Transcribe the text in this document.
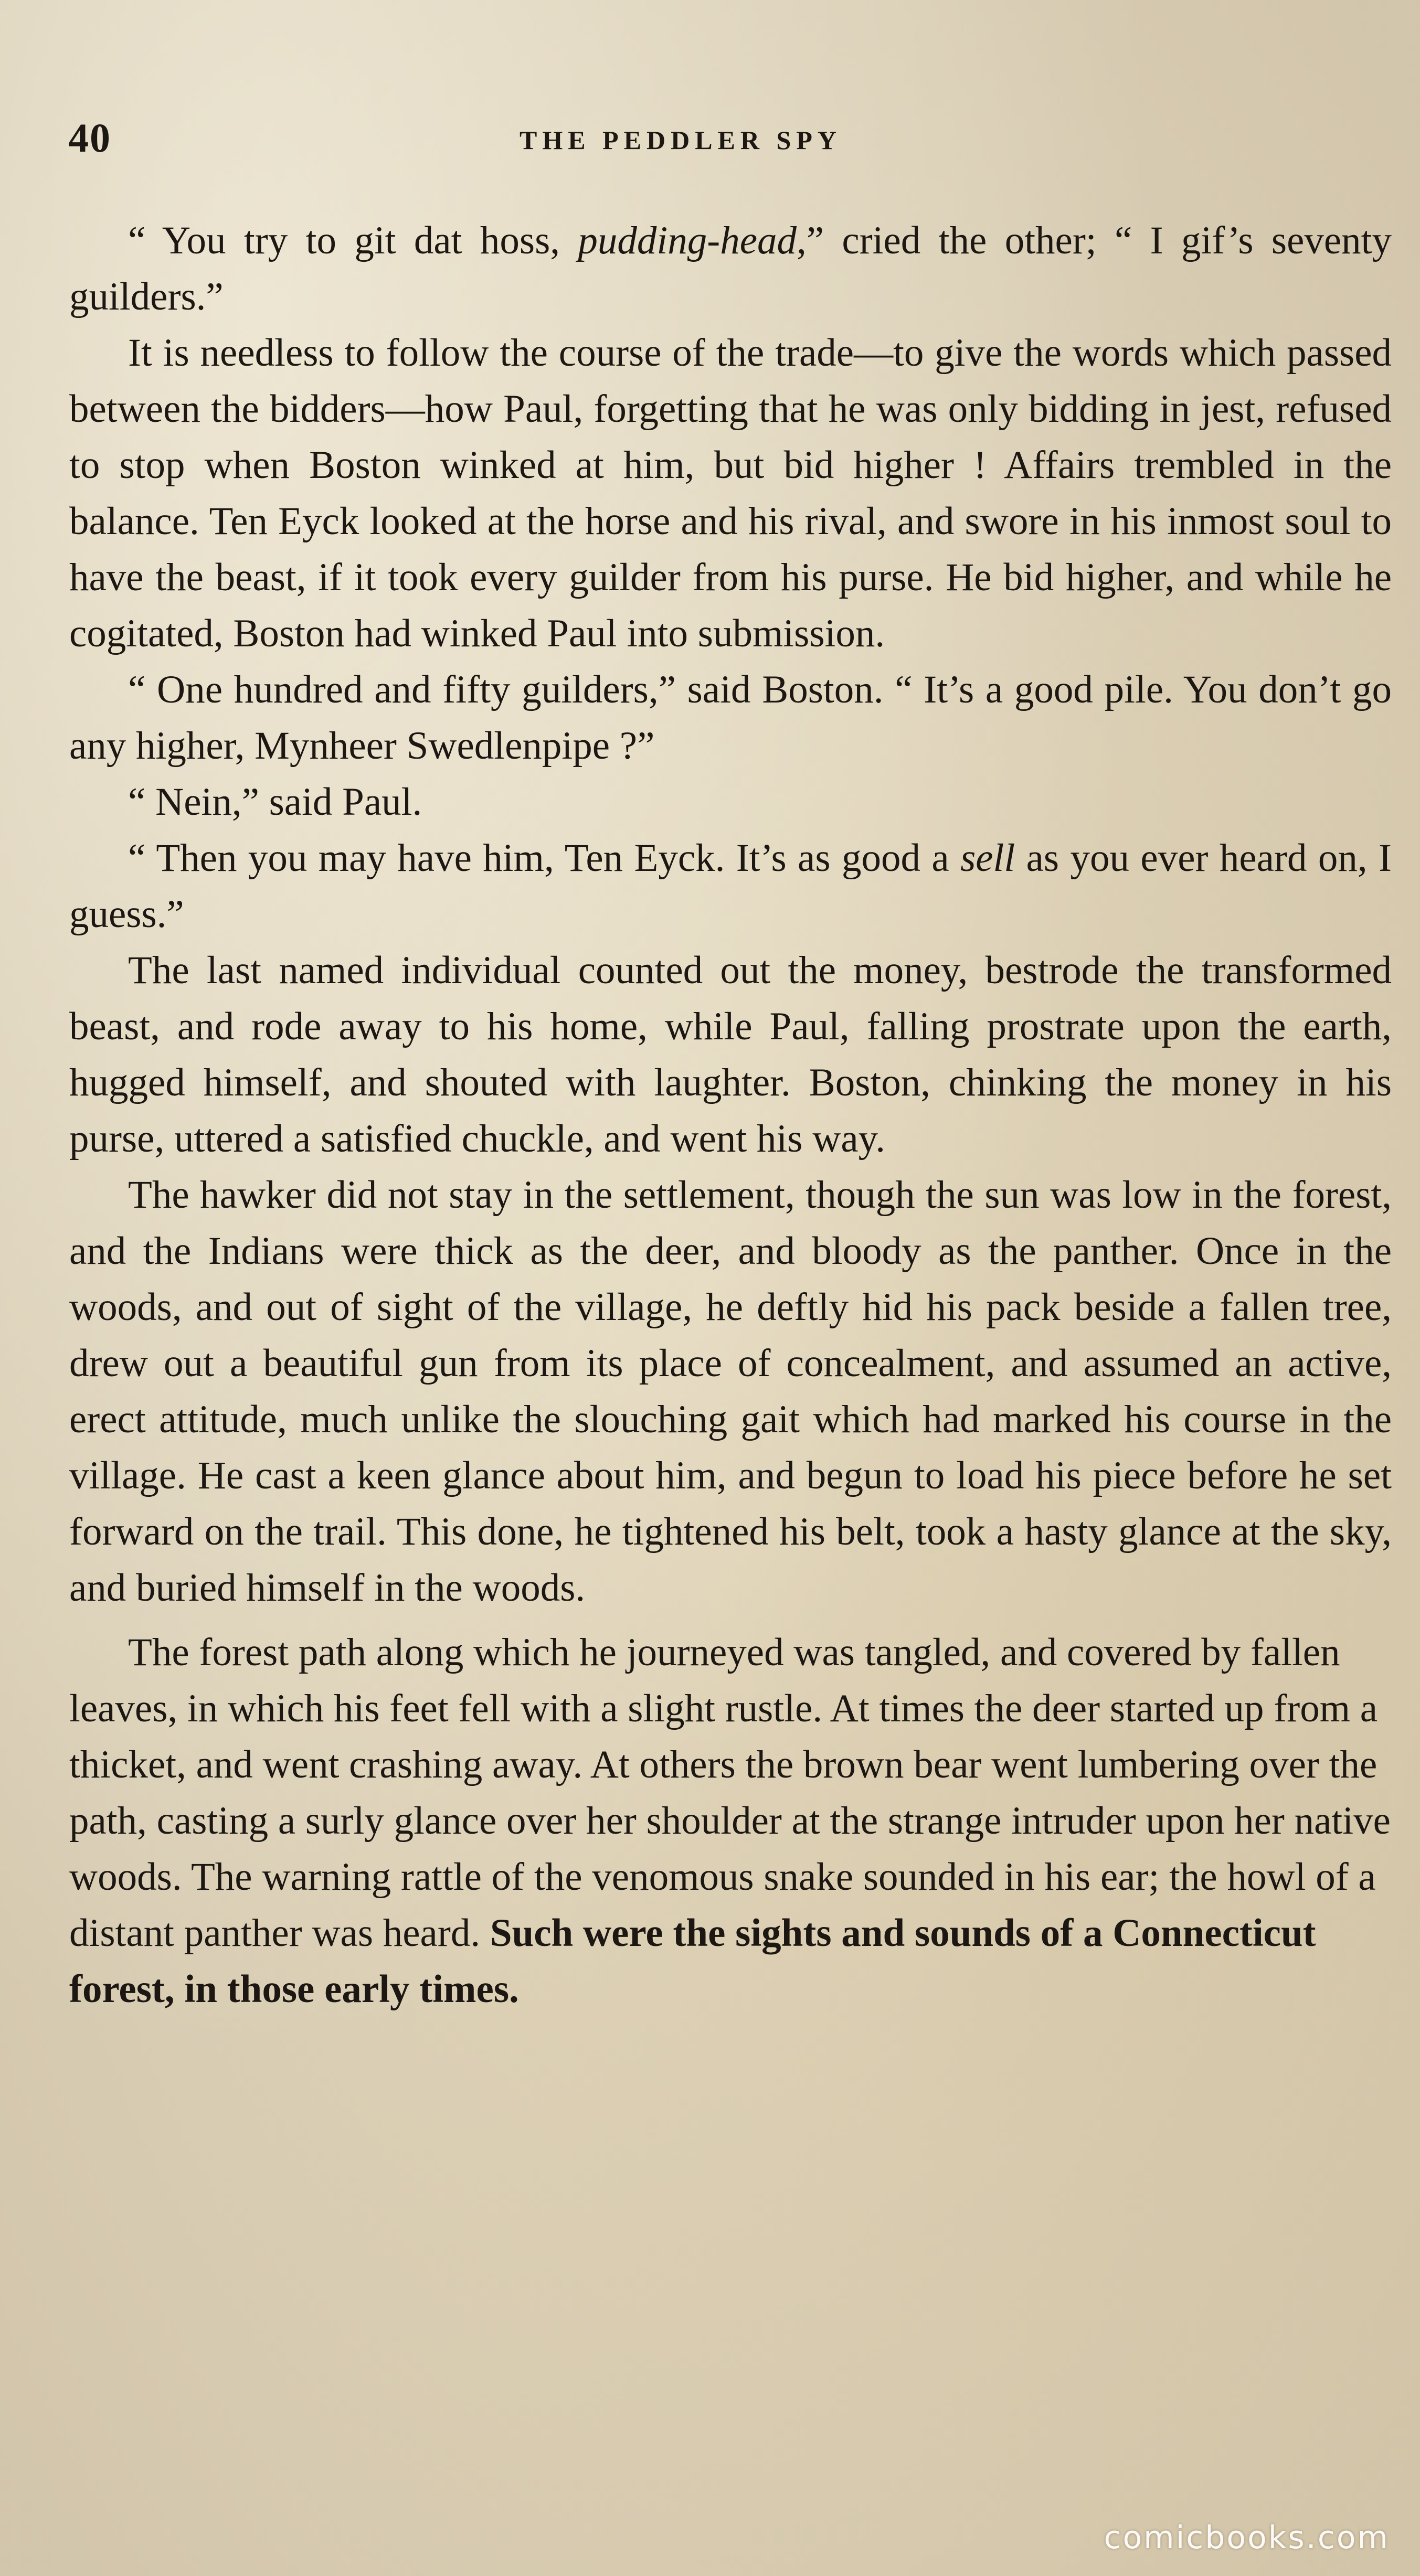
40	THE PEDDLER SPY

“ You try to git dat hoss, pudding-head,” cried the other; “ I gif’s seventy guilders.”

It is needless to follow the course of the trade—to give the words which passed between the bidders—how Paul, forgetting that he was only bidding in jest, refused to stop when Boston winked at him, but bid higher ! Affairs trembled in the balance. Ten Eyck looked at the horse and his rival, and swore in his inmost soul to have the beast, if it took every guilder from his purse. He bid higher, and while he cogitated, Boston had winked Paul into submission.

“ One hundred and fifty guilders,” said Boston. “ It’s a good pile. You don’t go any higher, Mynheer Swedlenpipe ?”

“ Nein,” said Paul.

“ Then you may have him, Ten Eyck. It’s as good a sell as you ever heard on, I guess.”

The last named individual counted out the money, bestrode the transformed beast, and rode away to his home, while Paul, falling prostrate upon the earth, hugged himself, and shouted with laughter. Boston, chinking the money in his purse, uttered a satisfied chuckle, and went his way.

The hawker did not stay in the settlement, though the sun was low in the forest, and the Indians were thick as the deer, and bloody as the panther. Once in the woods, and out of sight of the village, he deftly hid his pack beside a fallen tree, drew out a beautiful gun from its place of concealment, and assumed an active, erect attitude, much unlike the slouching gait which had marked his course in the village. He cast a keen glance about him, and begun to load his piece before he set forward on the trail. This done, he tightened his belt, took a hasty glance at the sky, and buried himself in the woods.

The forest path along which he journeyed was tangled, and covered by fallen leaves, in which his feet fell with a slight rustle. At times the deer started up from a thicket, and went crashing away. At others the brown bear went lumbering over the path, casting a surly glance over her shoulder at the strange intruder upon her native woods. The warning rattle of the venomous snake sounded in his ear; the howl of a distant panther was heard. Such were the sights and sounds of a Connecticut forest, in those early times.

comicbooks.com
